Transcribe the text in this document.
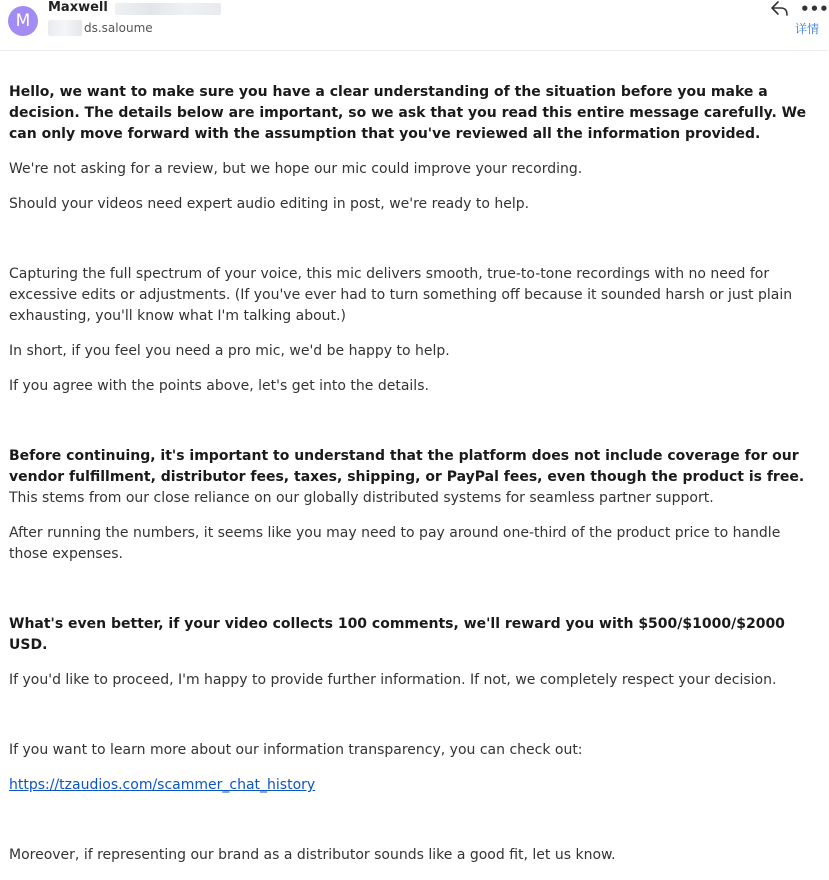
M
Maxwell
ds.saloume
•••
详情

Hello, we want to make sure you have a clear understanding of the situation before you make a decision. The details below are important, so we ask that you read this entire message carefully. We can only move forward with the assumption that you've reviewed all the information provided.

We're not asking for a review, but we hope our mic could improve your recording.

Should your videos need expert audio editing in post, we're ready to help.

Capturing the full spectrum of your voice, this mic delivers smooth, true-to-tone recordings with no need for excessive edits or adjustments. (If you've ever had to turn something off because it sounded harsh or just plain exhausting, you'll know what I'm talking about.)

In short, if you feel you need a pro mic, we'd be happy to help.

If you agree with the points above, let's get into the details.

Before continuing, it's important to understand that the platform does not include coverage for our vendor fulfillment, distributor fees, taxes, shipping, or PayPal fees, even though the product is free. This stems from our close reliance on our globally distributed systems for seamless partner support.

After running the numbers, it seems like you may need to pay around one-third of the product price to handle those expenses.

What's even better, if your video collects 100 comments, we'll reward you with $500/$1000/$2000 USD.

If you'd like to proceed, I'm happy to provide further information. If not, we completely respect your decision.

If you want to learn more about our information transparency, you can check out:

https://tzaudios.com/scammer_chat_history

Moreover, if representing our brand as a distributor sounds like a good fit, let us know.
